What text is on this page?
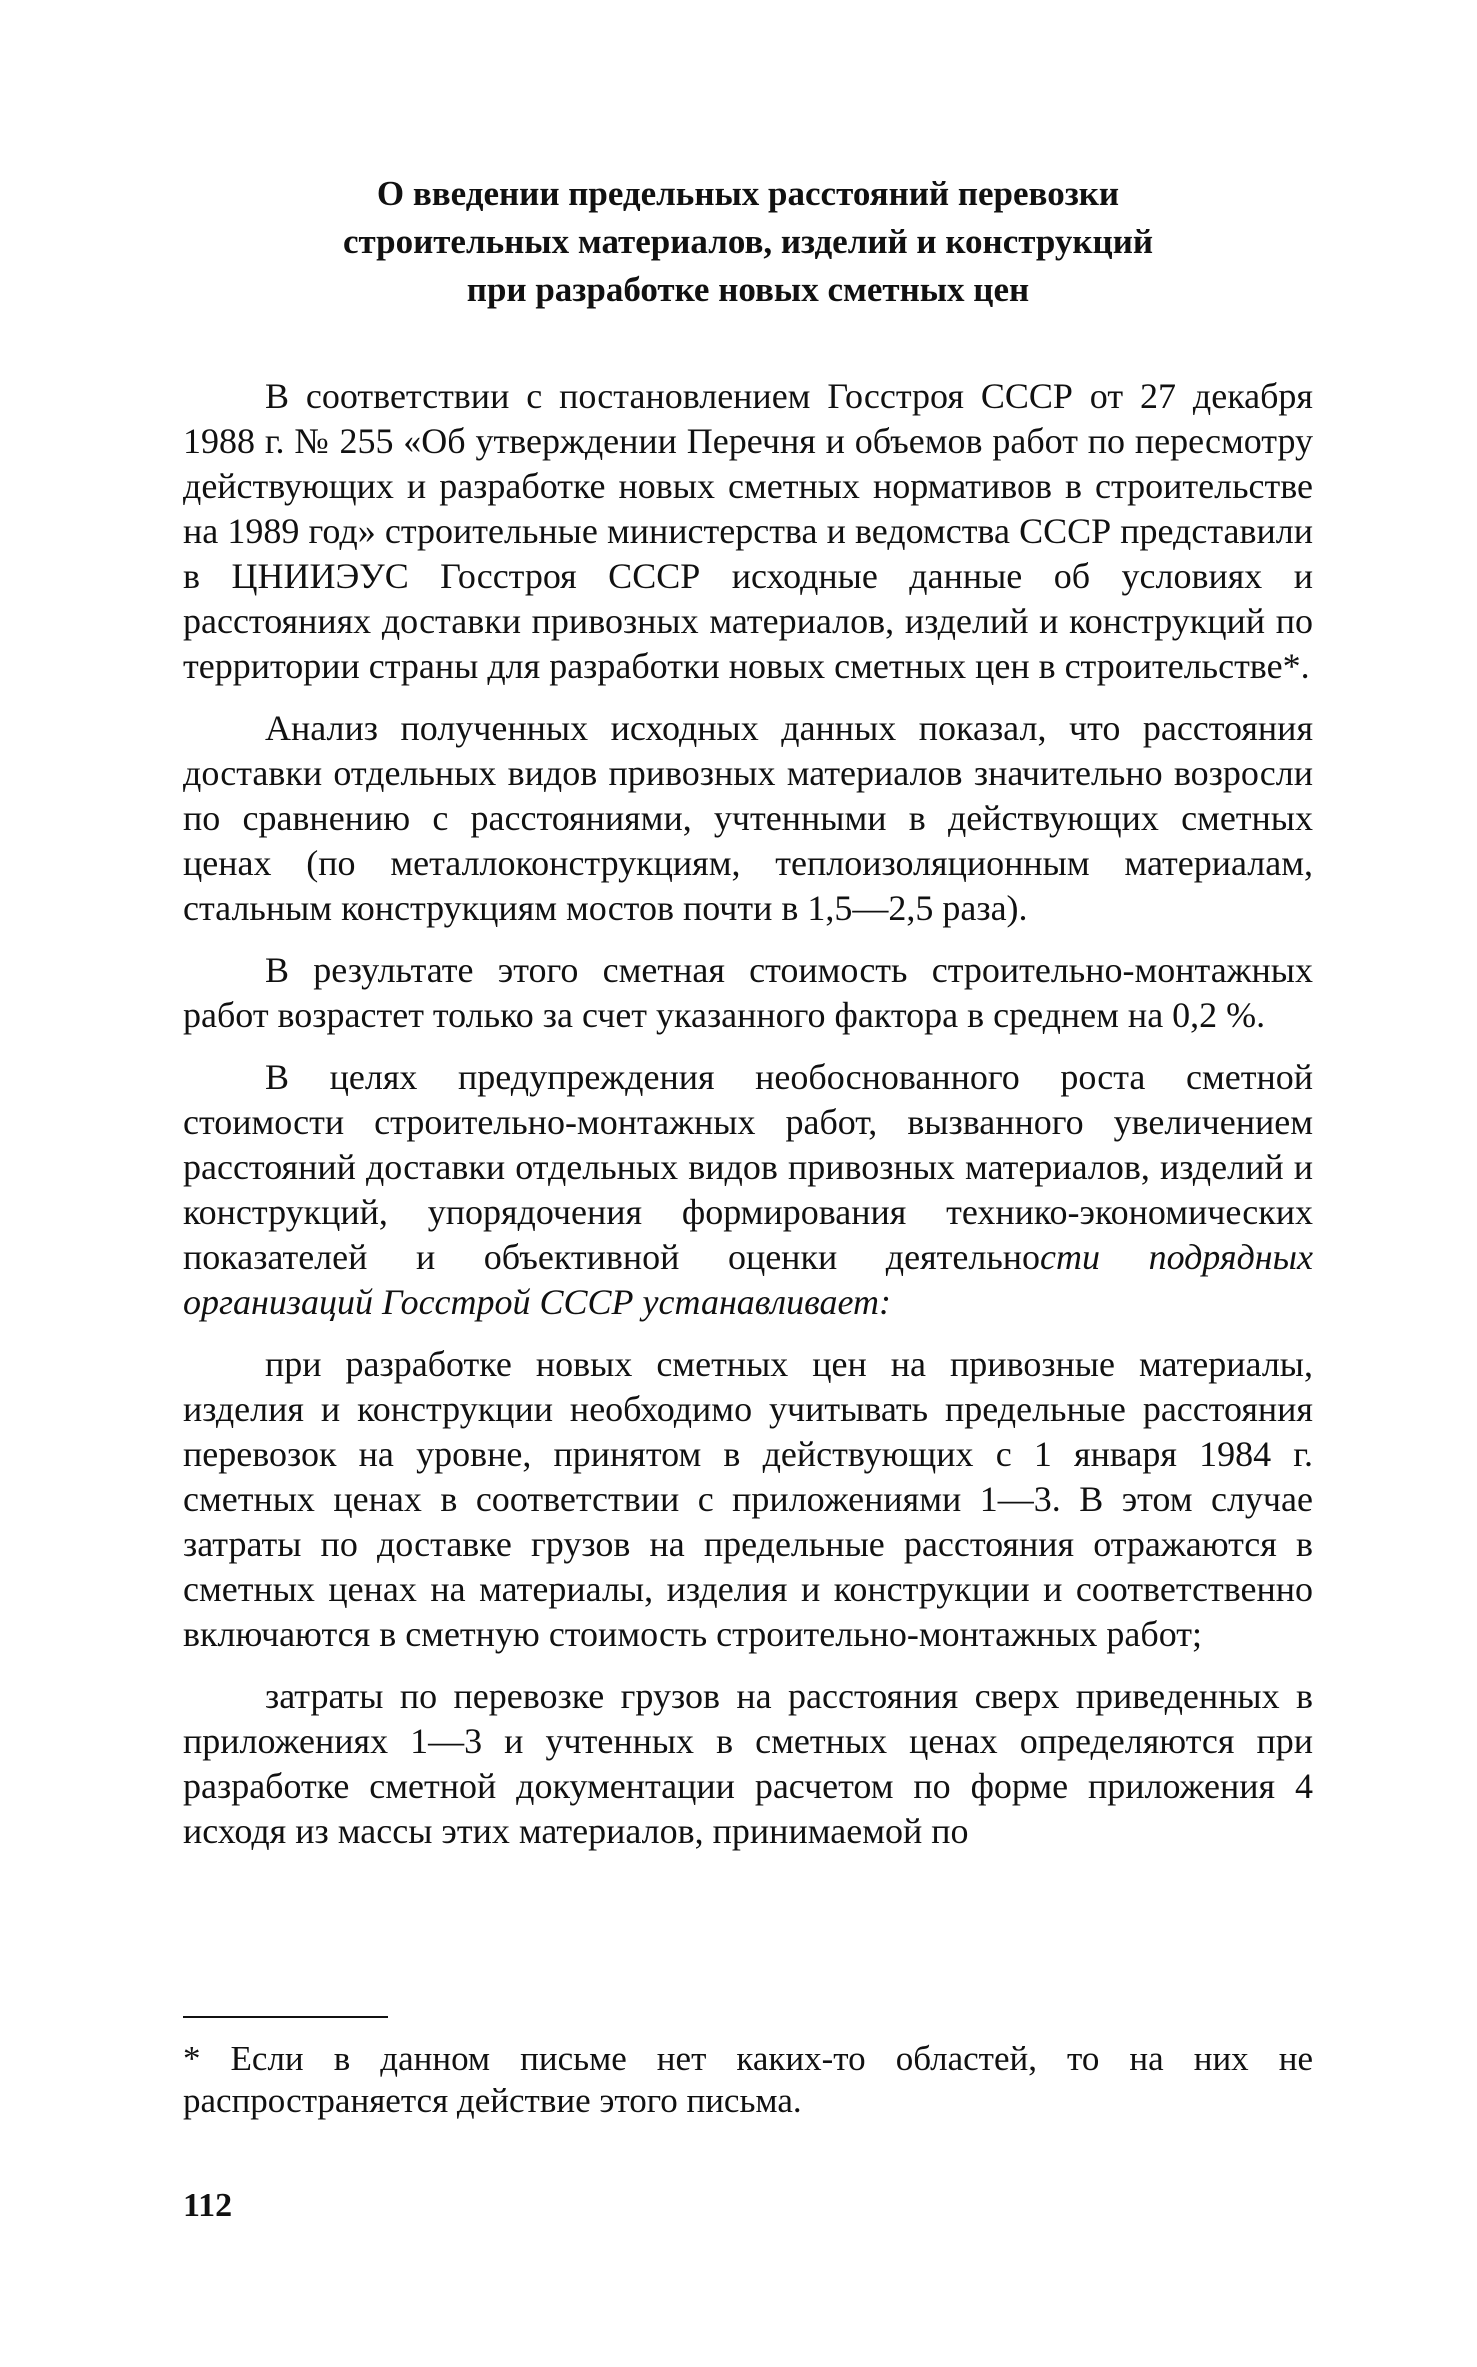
О введении предельных расстояний перевозки
строительных материалов, изделий и конструкций
при разработке новых сметных цен

В соответствии с постановлением Госстроя СССР от 27 декабря 1988 г. № 255 «Об утверждении Перечня и объемов работ по пересмотру действующих и разработке новых сметных нормативов в строительстве на 1989 год» строительные министерства и ведомства СССР представили в ЦНИИЭУС Госстроя СССР исходные данные об условиях и расстояниях доставки привозных материалов, изделий и конструкций по территории страны для разработки новых сметных цен в строительстве*.

Анализ полученных исходных данных показал, что расстояния доставки отдельных видов привозных материалов значительно возросли по сравнению с расстояниями, учтенными в действующих сметных ценах (по металлоконструкциям, теплоизоляционным материалам, стальным конструкциям мостов почти в 1,5—2,5 раза).

В результате этого сметная стоимость строительно-монтажных работ возрастет только за счет указанного фактора в среднем на 0,2 %.

В целях предупреждения необоснованного роста сметной стоимости строительно-монтажных работ, вызванного увеличением расстояний доставки отдельных видов привозных материалов, изделий и конструкций, упорядочения формирования технико-экономических показателей и объективной оценки деятельности подрядных организаций Госстрой СССР устанавливает:

при разработке новых сметных цен на привозные материалы, изделия и конструкции необходимо учитывать предельные расстояния перевозок на уровне, принятом в действующих с 1 января 1984 г. сметных ценах в соответствии с приложениями 1—3. В этом случае затраты по доставке грузов на предельные расстояния отражаются в сметных ценах на материалы, изделия и конструкции и соответственно включаются в сметную стоимость строительно-монтажных работ;

затраты по перевозке грузов на расстояния сверх приведенных в приложениях 1—3 и учтенных в сметных ценах определяются при разработке сметной документации расчетом по форме приложения 4 исходя из массы этих материалов, принимаемой по

* Если в данном письме нет каких-то областей, то на них не распространяется действие этого письма.

112
